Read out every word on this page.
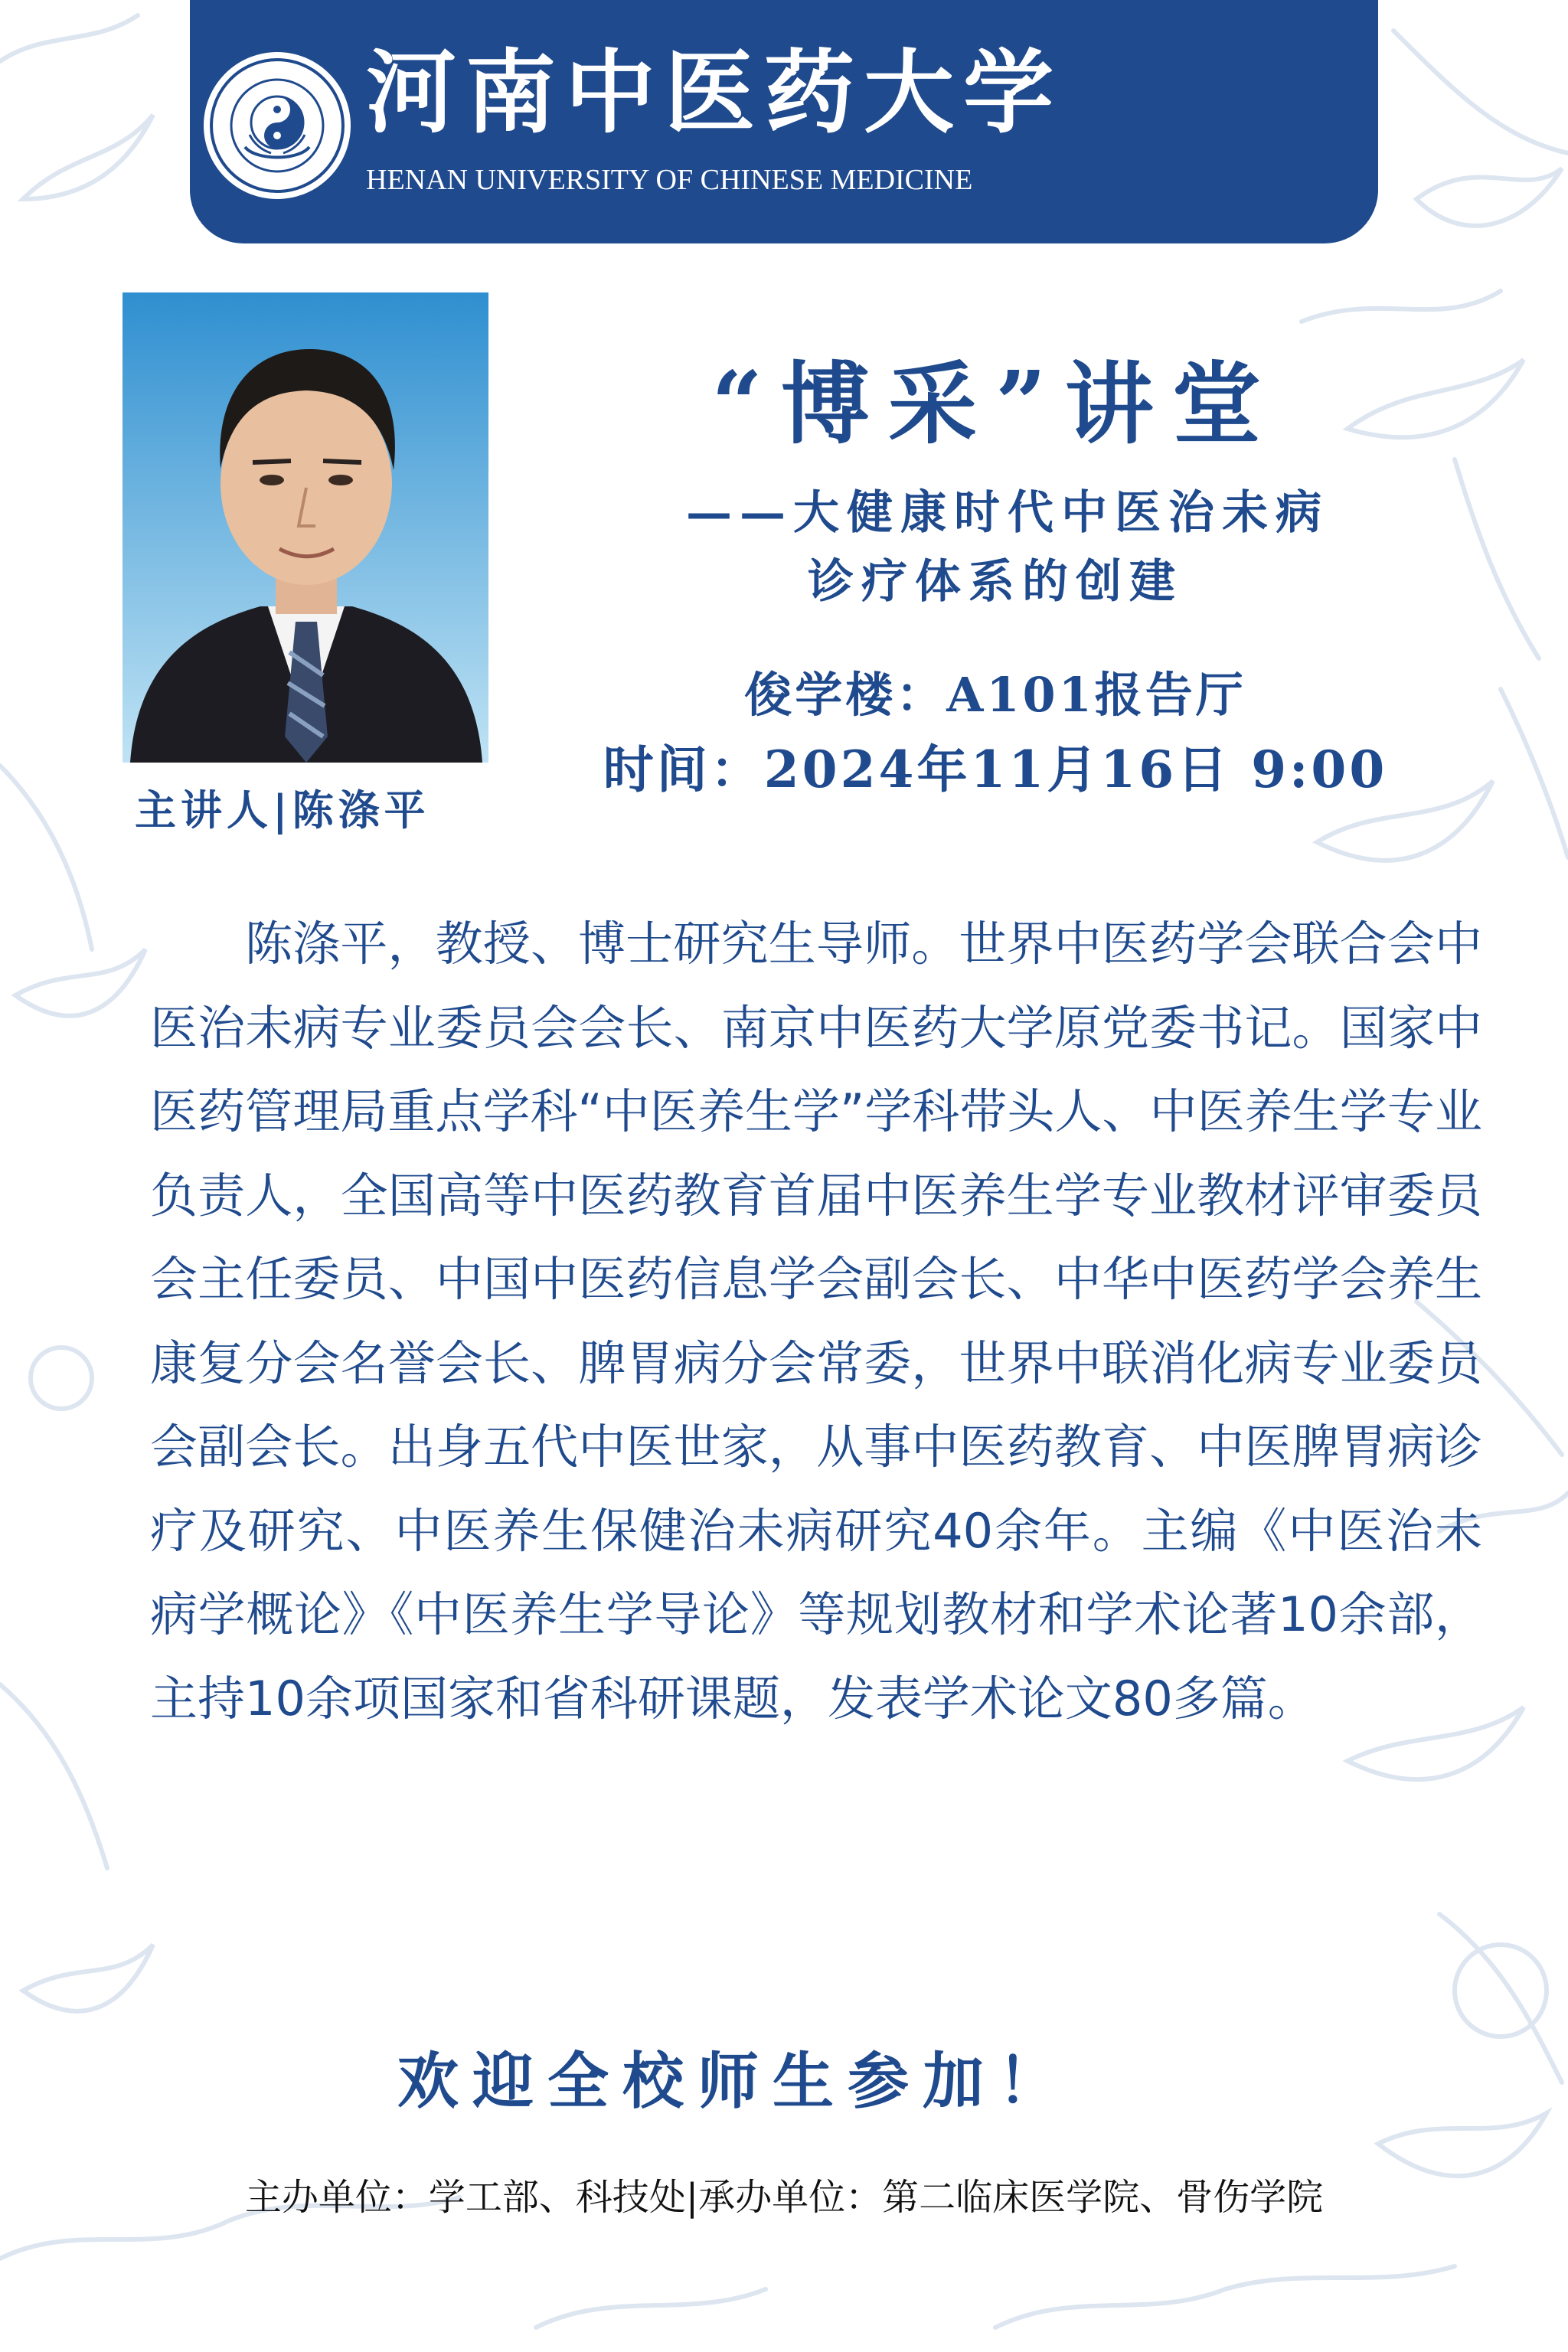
河南中医药大学
HENAN UNIVERSITY OF CHINESE MEDICINE
主讲人|陈涤平
“博采”讲堂
——大健康时代中医治未病
诊疗体系的创建
俊学楼：A101报告厅
时间：2024年11月16日 9:00

陈涤平，教授、博士研究生导师。世界中医药学会联合会中医治未病专业委员会会长、南京中医药大学原党委书记。国家中医药管理局重点学科“中医养生学”学科带头人、中医养生学专业负责人，全国高等中医药教育首届中医养生学专业教材评审委员会主任委员、中国中医药信息学会副会长、中华中医药学会养生康复分会名誉会长、脾胃病分会常委，世界中联消化病专业委员会副会长。出身五代中医世家，从事中医药教育、中医脾胃病诊疗及研究、中医养生保健治未病研究40余年。主编《中医治未病学概论》《中医养生学导论》等规划教材和学术论著10余部，主持10余项国家和省科研课题，发表学术论文80多篇。

欢迎全校师生参加！
主办单位：学工部、科技处|承办单位：第二临床医学院、骨伤学院
